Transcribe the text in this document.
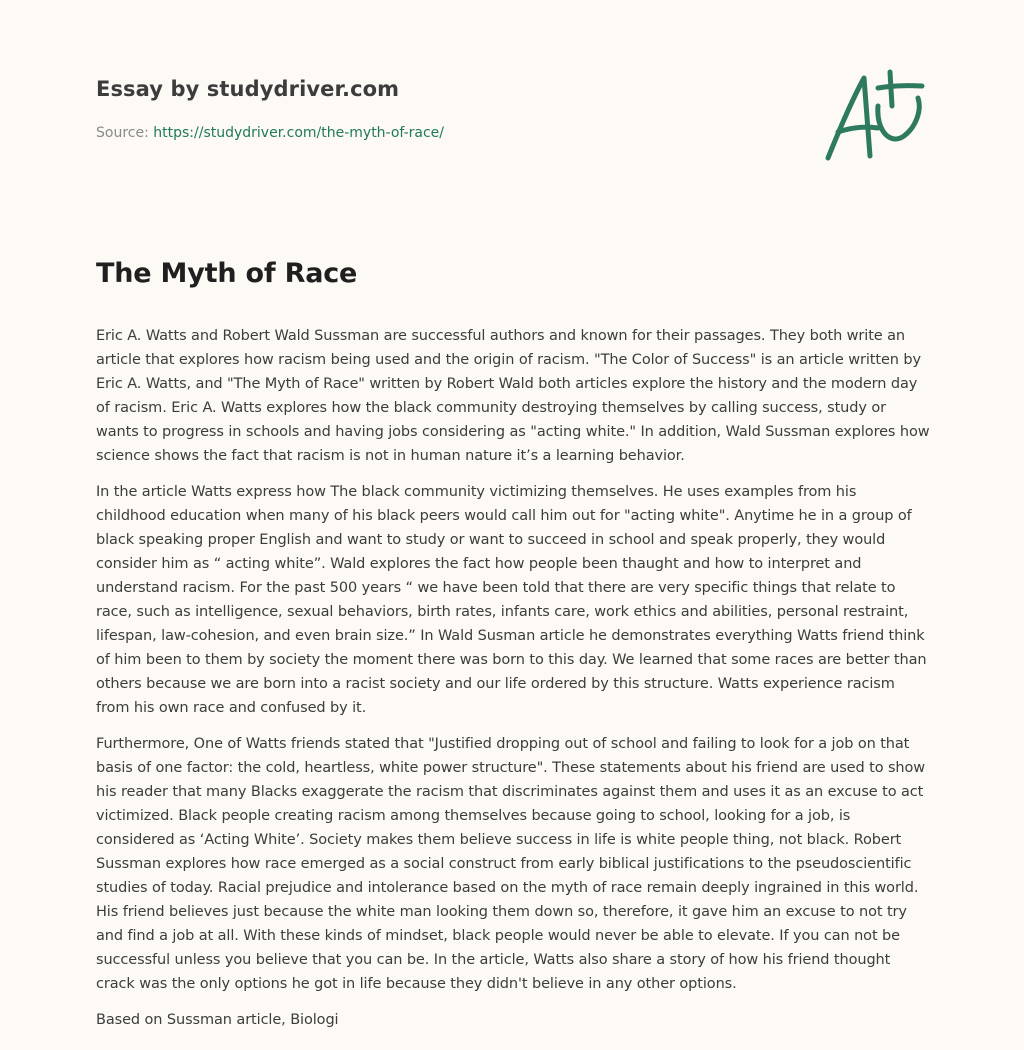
Essay by studydriver.com
Source: https://studydriver.com/the-myth-of-race/
The Myth of Race

Eric A. Watts and Robert Wald Sussman are successful authors and known for their passages. They both write an article that explores how racism being used and the origin of racism. "The Color of Success" is an article written by Eric A. Watts, and "The Myth of Race" written by Robert Wald both articles explore the history and the modern day of racism. Eric A. Watts explores how the black community destroying themselves by calling success, study or wants to progress in schools and having jobs considering as "acting white." In addition, Wald Sussman explores how science shows the fact that racism is not in human nature it’s a learning behavior.

In the article Watts express how The black community victimizing themselves. He uses examples from his childhood education when many of his black peers would call him out for "acting white". Anytime he in a group of black speaking proper English and want to study or want to succeed in school and speak properly, they would consider him as “ acting white”. Wald explores the fact how people been thaught and how to interpret and understand racism. For the past 500 years “ we have been told that there are very specific things that relate to race, such as intelligence, sexual behaviors, birth rates, infants care, work ethics and abilities, personal restraint, lifespan, law-cohesion, and even brain size.” In Wald Susman article he demonstrates everything Watts friend think of him been to them by society the moment there was born to this day. We learned that some races are better than others because we are born into a racist society and our life ordered by this structure. Watts experience racism from his own race and confused by it.

Furthermore, One of Watts friends stated that "Justified dropping out of school and failing to look for a job on that basis of one factor: the cold, heartless, white power structure". These statements about his friend are used to show his reader that many Blacks exaggerate the racism that discriminates against them and uses it as an excuse to act victimized. Black people creating racism among themselves because going to school, looking for a job, is considered as ‘Acting White’. Society makes them believe success in life is white people thing, not black. Robert Sussman explores how race emerged as a social construct from early biblical justifications to the pseudoscientific studies of today. Racial prejudice and intolerance based on the myth of race remain deeply ingrained in this world. His friend believes just because the white man looking them down so, therefore, it gave him an excuse to not try and find a job at all. With these kinds of mindset, black people would never be able to elevate. If you can not be successful unless you believe that you can be. In the article, Watts also share a story of how his friend thought crack was the only options he got in life because they didn't believe in any other options.

Based on Sussman article, Biologi
